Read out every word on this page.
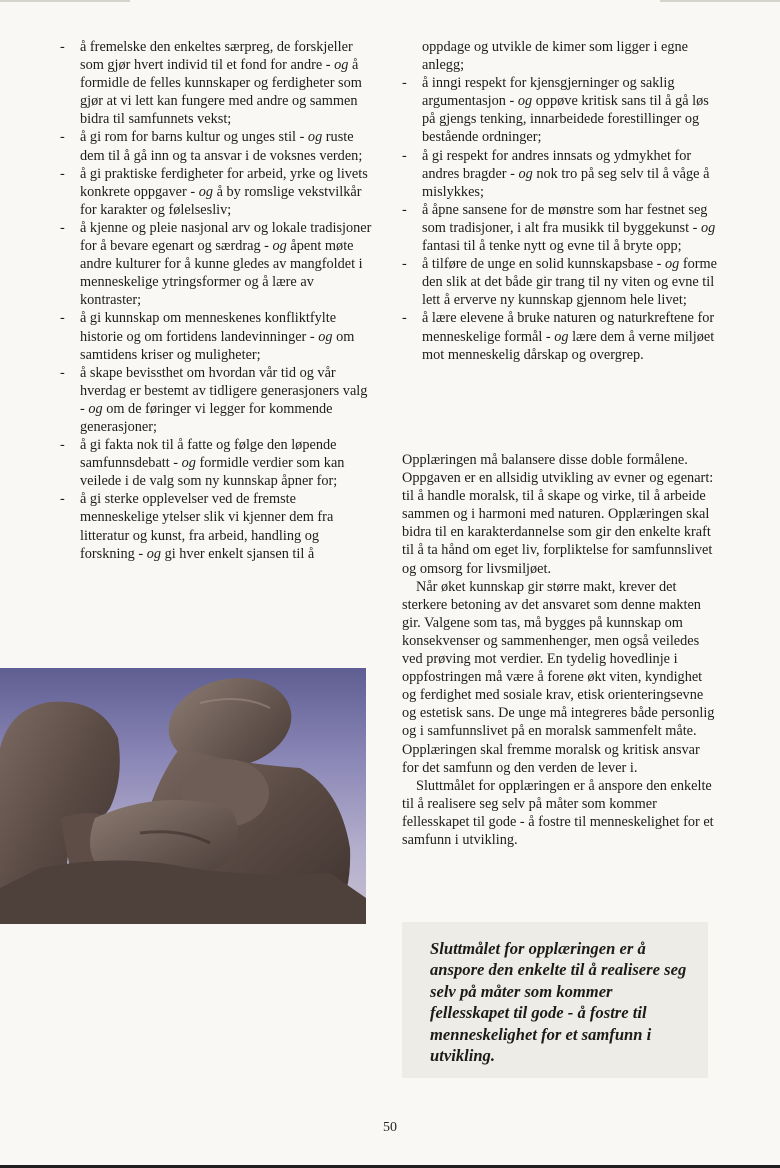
- å fremelske den enkeltes særpreg, de forskjeller som gjør hvert individ til et fond for andre - og å formidle de felles kunnskaper og ferdigheter som gjør at vi lett kan fungere med andre og sammen bidra til samfunnets vekst;
- å gi rom for barns kultur og unges stil - og ruste dem til å gå inn og ta ansvar i de voksnes verden;
- å gi praktiske ferdigheter for arbeid, yrke og livets konkrete oppgaver - og å by romslige vekstvilkår for karakter og følelsesliv;
- å kjenne og pleie nasjonal arv og lokale tradisjoner for å bevare egenart og særdrag - og åpent møte andre kulturer for å kunne gledes av mangfoldet i menneskelige ytringsformer og å lære av kontraster;
- å gi kunnskap om menneskenes konfliktfylte historie og om fortidens landevinninger - og om samtidens kriser og muligheter;
- å skape bevissthet om hvordan vår tid og vår hverdag er bestemt av tidligere generasjoners valg - og om de føringer vi legger for kommende generasjoner;
- å gi fakta nok til å fatte og følge den løpende samfunnsdebatt - og formidle verdier som kan veilede i de valg som ny kunnskap åpner for;
- å gi sterke opplevelser ved de fremste menneskelige ytelser slik vi kjenner dem fra litteratur og kunst, fra arbeid, handling og forskning - og gi hver enkelt sjansen til å
oppdage og utvikle de kimer som ligger i egne anlegg;
- å inngi respekt for kjensgjerninger og saklig argumentasjon - og oppøve kritisk sans til å gå løs på gjengs tenking, innarbeidede forestillinger og bestående ordninger;
- å gi respekt for andres innsats og ydmykhet for andres bragder - og nok tro på seg selv til å våge å mislykkes;
- å åpne sansene for de mønstre som har festnet seg som tradisjoner, i alt fra musikk til byggekunst - og fantasi til å tenke nytt og evne til å bryte opp;
- å tilføre de unge en solid kunnskapsbase - og forme den slik at det både gir trang til ny viten og evne til lett å erverve ny kunnskap gjennom hele livet;
- å lære elevene å bruke naturen og naturkreftene for menneskelige formål - og lære dem å verne miljøet mot menneskelig dårskap og overgrep.

Opplæringen må balansere disse doble formålene. Oppgaven er en allsidig utvikling av evner og egenart: til å handle moralsk, til å skape og virke, til å arbeide sammen og i harmoni med naturen. Opplæringen skal bidra til en karakterdannelse som gir den enkelte kraft til å ta hånd om eget liv, forpliktelse for samfunnslivet og omsorg for livsmiljøet.

Når øket kunnskap gir større makt, krever det sterkere betoning av det ansvaret som denne makten gir. Valgene som tas, må bygges på kunnskap om konsekvenser og sammenhenger, men også veiledes ved prøving mot verdier. En tydelig hovedlinje i oppfostringen må være å forene økt viten, kyndighet og ferdighet med sosiale krav, etisk orienteringsevne og estetisk sans. De unge må integreres både personlig og i samfunnslivet på en moralsk sammenfelt måte. Opplæringen skal fremme moralsk og kritisk ansvar for det samfunn og den verden de lever i.

Sluttmålet for opplæringen er å anspore den enkelte til å realisere seg selv på måter som kommer fellesskapet til gode - å fostre til menneskelighet for et samfunn i utvikling.

Sluttmålet for opplæringen er å anspore den enkelte til å realisere seg selv på måter som kommer fellesskapet til gode - å fostre til menneskelighet for et samfunn i utvikling.
50
